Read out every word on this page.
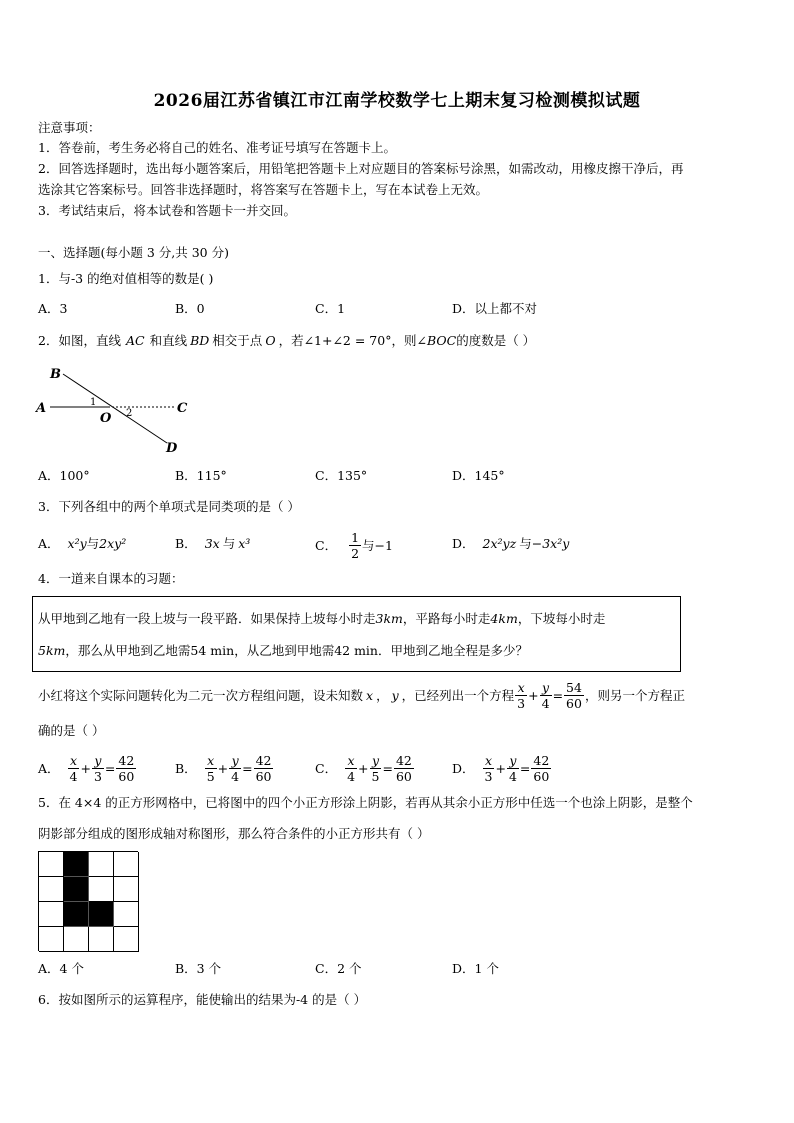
2026届江苏省镇江市江南学校数学七上期末复习检测模拟试题
注意事项：
1．答卷前，考生务必将自己的姓名、准考证号填写在答题卡上。
2．回答选择题时，选出每小题答案后，用铅笔把答题卡上对应题目的答案标号涂黑，如需改动，用橡皮擦干净后，再
选涂其它答案标号。回答非选择题时，将答案写在答题卡上，写在本试卷上无效。
3．考试结束后，将本试卷和答题卡一并交回。
一、选择题(每小题 3 分,共 30 分)
1．与-3 的绝对值相等的数是( )
A．3	B．0	C．1	D．以上都不对
2．如图，直线 AC 和直线 BD 相交于点 O ，若∠1+∠2 = 70°，则∠BOC的度数是（ ）
B
A	C
D
O
1
2
A．100°	B．115°	C．135°	D．145°
3．下列各组中的两个单项式是同类项的是（ ）
A． x²y与2xy²	B． 3x 与 x³	C． $\frac{1}{2}$ 与−1	D． 2x²yz 与−3x²y
4．一道来自课本的习题：
从甲地到乙地有一段上坡与一段平路．如果保持上坡每小时走3km，平路每小时走4km，下坡每小时走
5km，那么从甲地到乙地需54 min，从乙地到甲地需42 min．甲地到乙地全程是多少？
小红将这个实际问题转化为二元一次方程组问题，设未知数 x ， y ，已经列出一个方程 $\frac{x}{3} + \frac{y}{4} = \frac{54}{60}$ ，则另一个方程正
确的是（ ）
A． $\frac{x}{4} + \frac{y}{3} = \frac{42}{60}$	B． $\frac{x}{5} + \frac{y}{4} = \frac{42}{60}$	C． $\frac{x}{4} + \frac{y}{5} = \frac{42}{60}$	D． $\frac{x}{3} + \frac{y}{4} = \frac{42}{60}$
5．在 4×4 的正方形网格中，已将图中的四个小正方形涂上阴影，若再从其余小正方形中任选一个也涂上阴影，是整个
阴影部分组成的图形成轴对称图形，那么符合条件的小正方形共有（ ）
A．4 个	B．3 个	C．2 个	D．1 个
6．按如图所示的运算程序，能使输出的结果为-4 的是（ ）
